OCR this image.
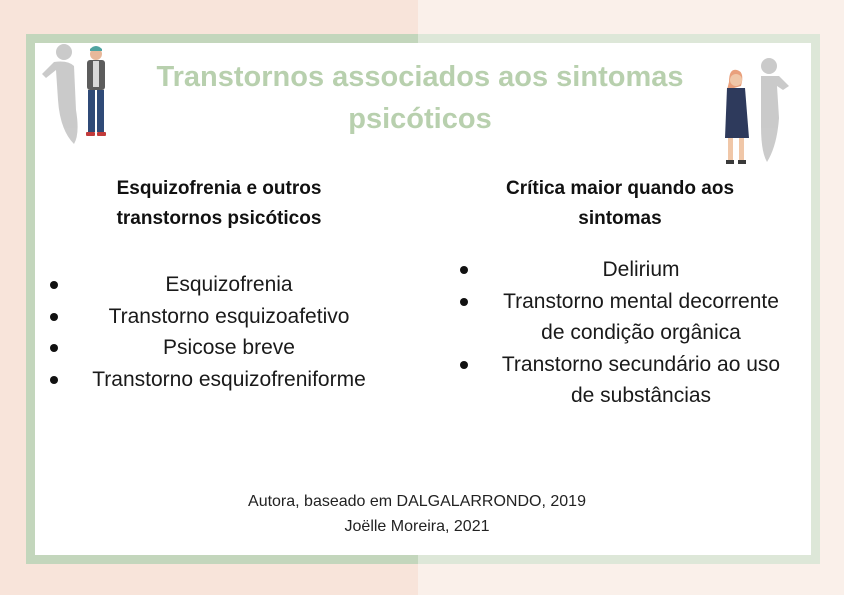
Transtornos associados aos sintomas psicóticos
Esquizofrenia e outros transtornos psicóticos
Crítica maior quando aos sintomas
Esquizofrenia
Transtorno esquizoafetivo
Psicose breve
Transtorno esquizofreniforme
Delirium
Transtorno mental decorrente de condição orgânica
Transtorno secundário ao uso de substâncias
Autora, baseado em DALGALARRONDO, 2019
Joëlle Moreira, 2021
